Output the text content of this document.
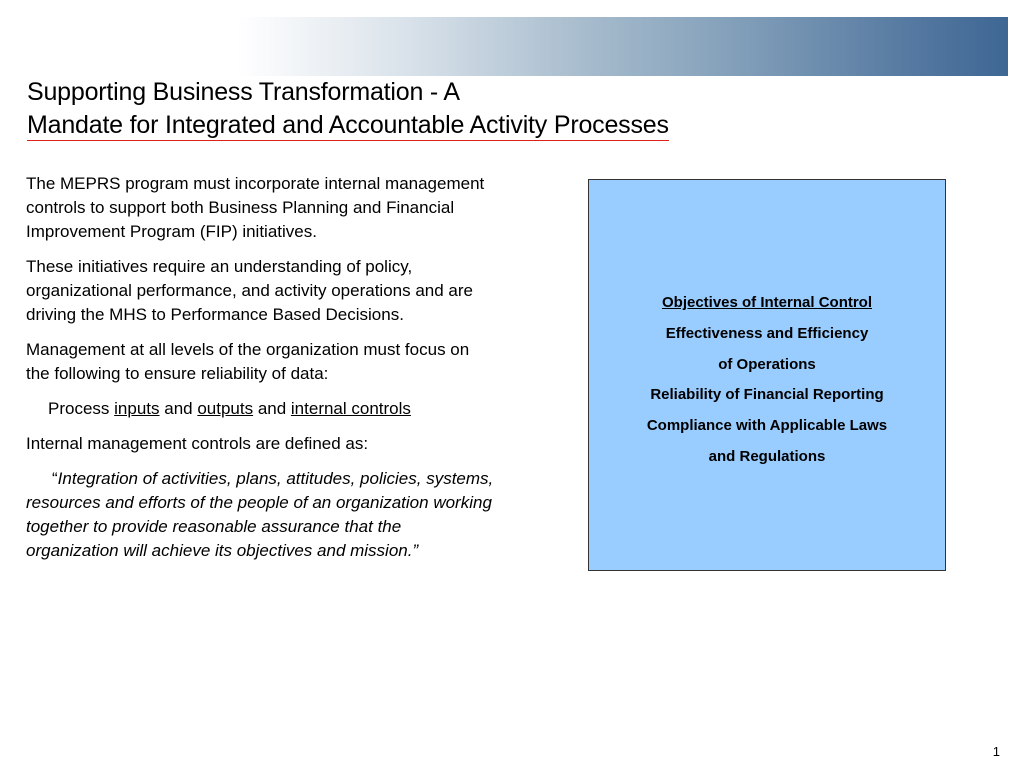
Supporting Business Transformation - A
Mandate for Integrated and Accountable Activity Processes

The MEPRS program must incorporate internal management controls to support both Business Planning and Financial Improvement Program (FIP) initiatives.

These initiatives require an understanding of policy, organizational performance, and activity operations and are driving the MHS to Performance Based Decisions.

Management at all levels of the organization must focus on the following to ensure reliability of data:

Process inputs and outputs and internal controls

Internal management controls are defined as:

“Integration of activities, plans, attitudes, policies, systems, resources and efforts of the people of an organization working together to provide reasonable assurance that the organization will achieve its objectives and mission.”

Objectives of Internal Control
Effectiveness and Efficiency
of Operations
Reliability of Financial Reporting
Compliance with Applicable Laws
and Regulations
1
